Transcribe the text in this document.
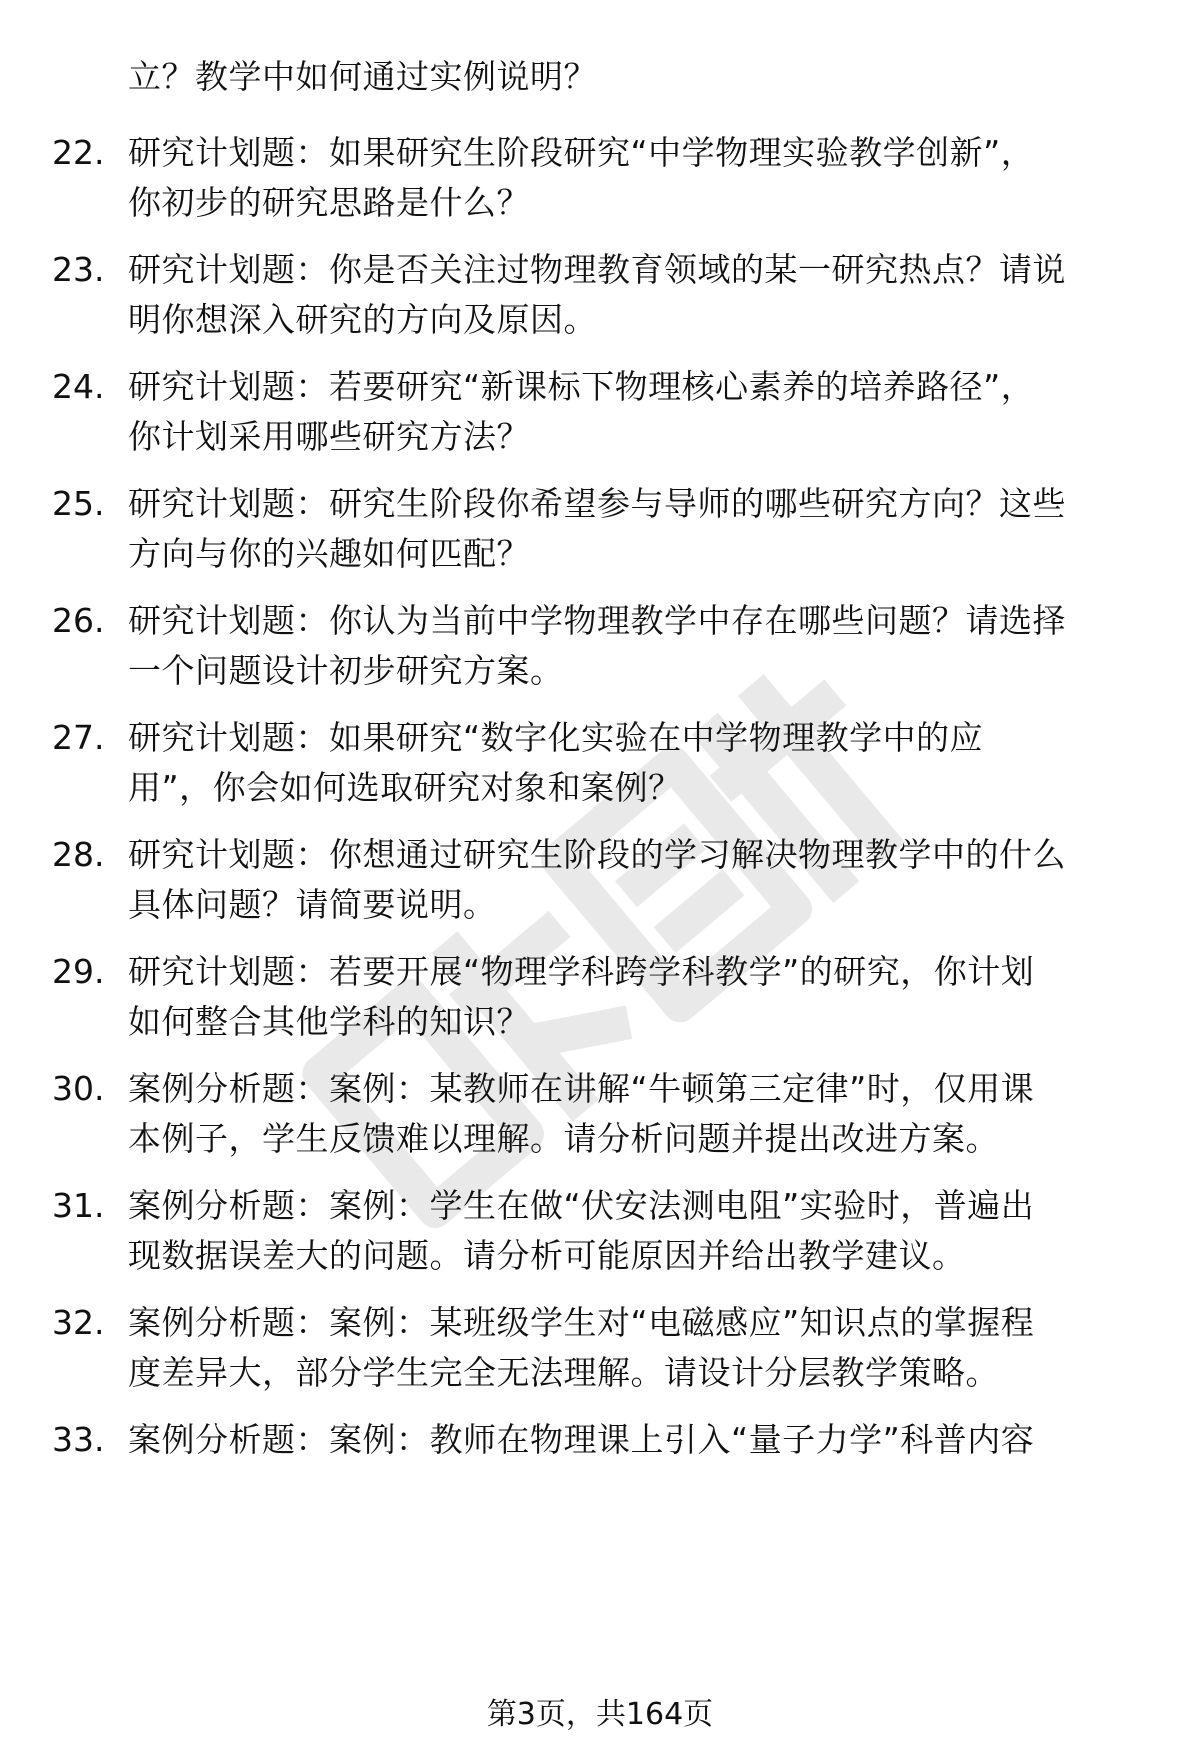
立？教学中如何通过实例说明？
22. 研究计划题：如果研究生阶段研究“中学物理实验教学创新”，
你初步的研究思路是什么？
23. 研究计划题：你是否关注过物理教育领域的某一研究热点？请说
明你想深入研究的方向及原因。
24. 研究计划题：若要研究“新课标下物理核心素养的培养路径”，
你计划采用哪些研究方法？
25. 研究计划题：研究生阶段你希望参与导师的哪些研究方向？这些
方向与你的兴趣如何匹配？
26. 研究计划题：你认为当前中学物理教学中存在哪些问题？请选择
一个问题设计初步研究方案。
27. 研究计划题：如果研究“数字化实验在中学物理教学中的应
用”，你会如何选取研究对象和案例？
28. 研究计划题：你想通过研究生阶段的学习解决物理教学中的什么
具体问题？请简要说明。
29. 研究计划题：若要开展“物理学科跨学科教学”的研究，你计划
如何整合其他学科的知识？
30. 案例分析题：案例：某教师在讲解“牛顿第三定律”时，仅用课
本例子，学生反馈难以理解。请分析问题并提出改进方案。
31. 案例分析题：案例：学生在做“伏安法测电阻”实验时，普遍出
现数据误差大的问题。请分析可能原因并给出教学建议。
32. 案例分析题：案例：某班级学生对“电磁感应”知识点的掌握程
度差异大，部分学生完全无法理解。请设计分层教学策略。
33. 案例分析题：案例：教师在物理课上引入“量子力学”科普内容
第3页，共164页
